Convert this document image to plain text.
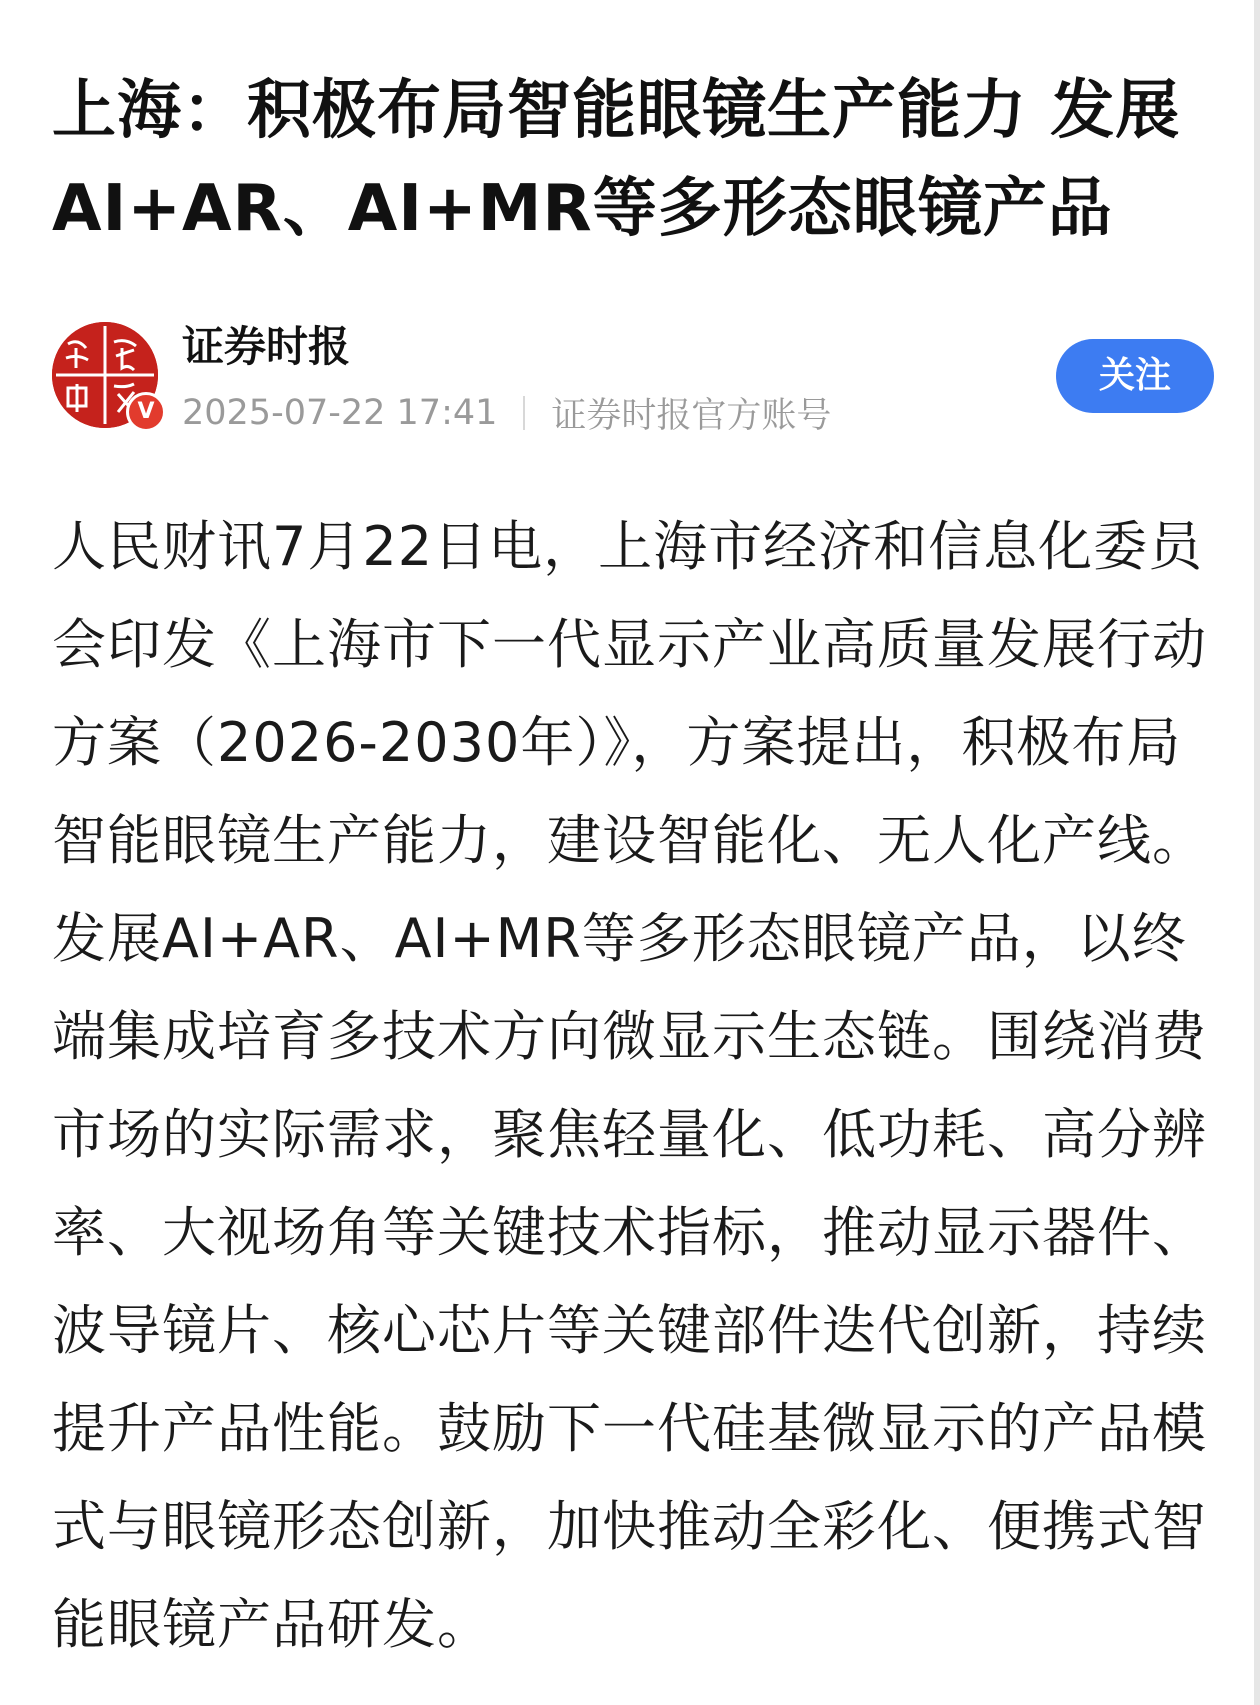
上海：积极布局智能眼镜生产能力 发展AI+AR、AI+MR等多形态眼镜产品
V
证券时报
2025-07-22 17:41 证券时报官方账号
关注

人民财讯7月22日电，上海市经济和信息化委员会印发《上海市下一代显示产业高质量发展行动方案（2026-2030年）》，方案提出，积极布局智能眼镜生产能力，建设智能化、无人化产线。发展AI+AR、AI+MR等多形态眼镜产品，以终端集成培育多技术方向微显示生态链。围绕消费市场的实际需求，聚焦轻量化、低功耗、高分辨率、大视场角等关键技术指标，推动显示器件、波导镜片、核心芯片等关键部件迭代创新，持续提升产品性能。鼓励下一代硅基微显示的产品模式与眼镜形态创新，加快推动全彩化、便携式智能眼镜产品研发。
